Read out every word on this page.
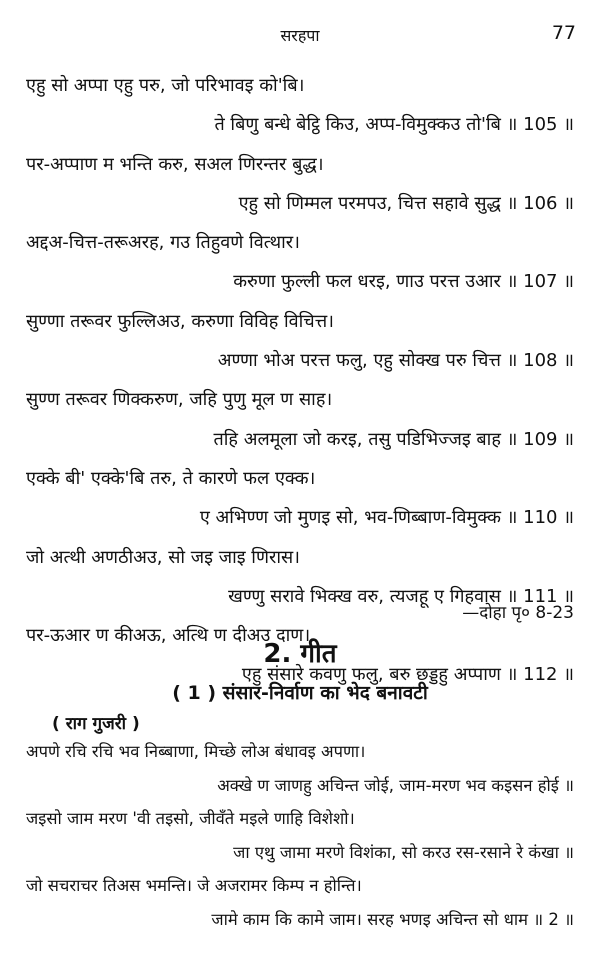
सरहपा	77
एहु सो अप्पा एहु परु, जो परिभावइ को'बि।
ते बिणु बन्धे बेट्ठि किउ, अप्प-विमुक्कउ तो'बि ॥ 105 ॥
पर-अप्पाण म भन्ति करु, सअल णिरन्तर बुद्ध।
एहु सो णिम्मल परमपउ, चित्त सहावे सुद्ध ॥ 106 ॥
अद्दअ-चित्त-तरूअरह, गउ तिहुवणे वित्थार।
करुणा फुल्ली फल धरइ, णाउ परत्त उआर ॥ 107 ॥
सुण्णा तरूवर फुल्लिअउ, करुणा विविह विचित्त।
अण्णा भोअ परत्त फलु, एहु सोक्ख परु चित्त ॥ 108 ॥
सुण्ण तरूवर णिक्करुण, जहि पुणु मूल ण साह।
तहि अलमूला जो करइ, तसु पडिभिज्जइ बाह ॥ 109 ॥
एक्के बी' एक्के'बि तरु, ते कारणे फल एक्क।
ए अभिण्ण जो मुणइ सो, भव-णिब्बाण-विमुक्क ॥ 110 ॥
जो अत्थी अणठीअउ, सो जइ जाइ णिरास।
खण्णु सरावे भिक्ख वरु, त्यजहू ए गिहवास ॥ 111 ॥
पर-ऊआर ण कीअऊ, अत्थि ण दीअउ दाण।
एहु संसारे कवणु फलु, बरु छड्डहु अप्पाण ॥ 112 ॥
—दोहा पृ० 8-23
2. गीत
( 1 ) संसार-निर्वाण का भेद बनावटी
( राग गुजरी )
अपणे रचि रचि भव निब्बाणा, मिच्छे लोअ बंधावइ अपणा।
अक्खे ण जाणहु अचिन्त जोई, जाम-मरण भव कइसन होई ॥
जइसो जाम मरण 'वी तइसो, जीवँते मइले णाहि विशेशो।
जा एथु जामा मरणे विशंका, सो करउ रस-रसाने रे कंखा ॥
जो सचराचर तिअस भमन्ति। जे अजरामर किम्प न होन्ति।
जामे काम कि कामे जाम। सरह भणइ अचिन्त सो धाम ॥ 2 ॥
